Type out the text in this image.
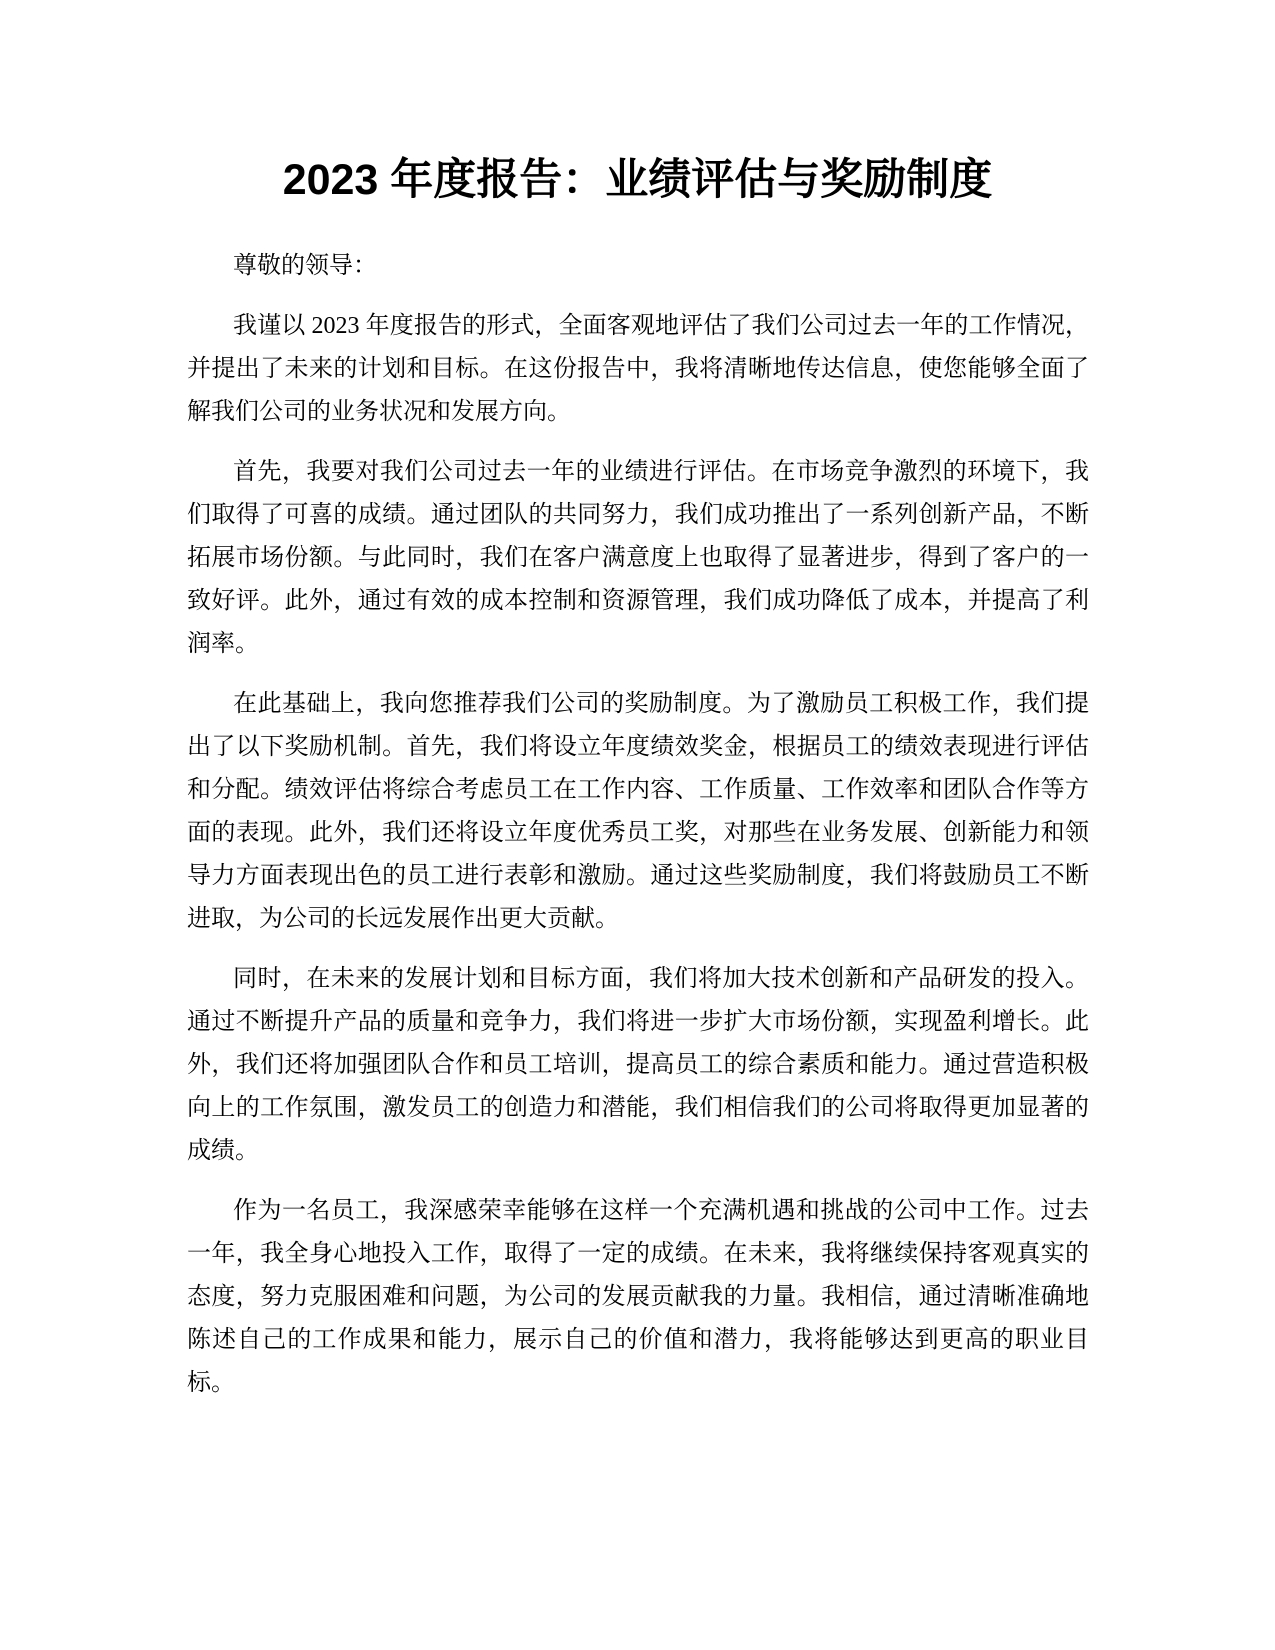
2023 年度报告：业绩评估与奖励制度

尊敬的领导：

我谨以 2023 年度报告的形式，全面客观地评估了我们公司过去一年的工作情况，并提出了未来的计划和目标。在这份报告中，我将清晰地传达信息，使您能够全面了解我们公司的业务状况和发展方向。

首先，我要对我们公司过去一年的业绩进行评估。在市场竞争激烈的环境下，我们取得了可喜的成绩。通过团队的共同努力，我们成功推出了一系列创新产品，不断拓展市场份额。与此同时，我们在客户满意度上也取得了显著进步，得到了客户的一致好评。此外，通过有效的成本控制和资源管理，我们成功降低了成本，并提高了利润率。

在此基础上，我向您推荐我们公司的奖励制度。为了激励员工积极工作，我们提出了以下奖励机制。首先，我们将设立年度绩效奖金，根据员工的绩效表现进行评估和分配。绩效评估将综合考虑员工在工作内容、工作质量、工作效率和团队合作等方面的表现。此外，我们还将设立年度优秀员工奖，对那些在业务发展、创新能力和领导力方面表现出色的员工进行表彰和激励。通过这些奖励制度，我们将鼓励员工不断进取，为公司的长远发展作出更大贡献。

同时，在未来的发展计划和目标方面，我们将加大技术创新和产品研发的投入。通过不断提升产品的质量和竞争力，我们将进一步扩大市场份额，实现盈利增长。此外，我们还将加强团队合作和员工培训，提高员工的综合素质和能力。通过营造积极向上的工作氛围，激发员工的创造力和潜能，我们相信我们的公司将取得更加显著的成绩。

作为一名员工，我深感荣幸能够在这样一个充满机遇和挑战的公司中工作。过去一年，我全身心地投入工作，取得了一定的成绩。在未来，我将继续保持客观真实的态度，努力克服困难和问题，为公司的发展贡献我的力量。我相信，通过清晰准确地陈述自己的工作成果和能力，展示自己的价值和潜力，我将能够达到更高的职业目标。
